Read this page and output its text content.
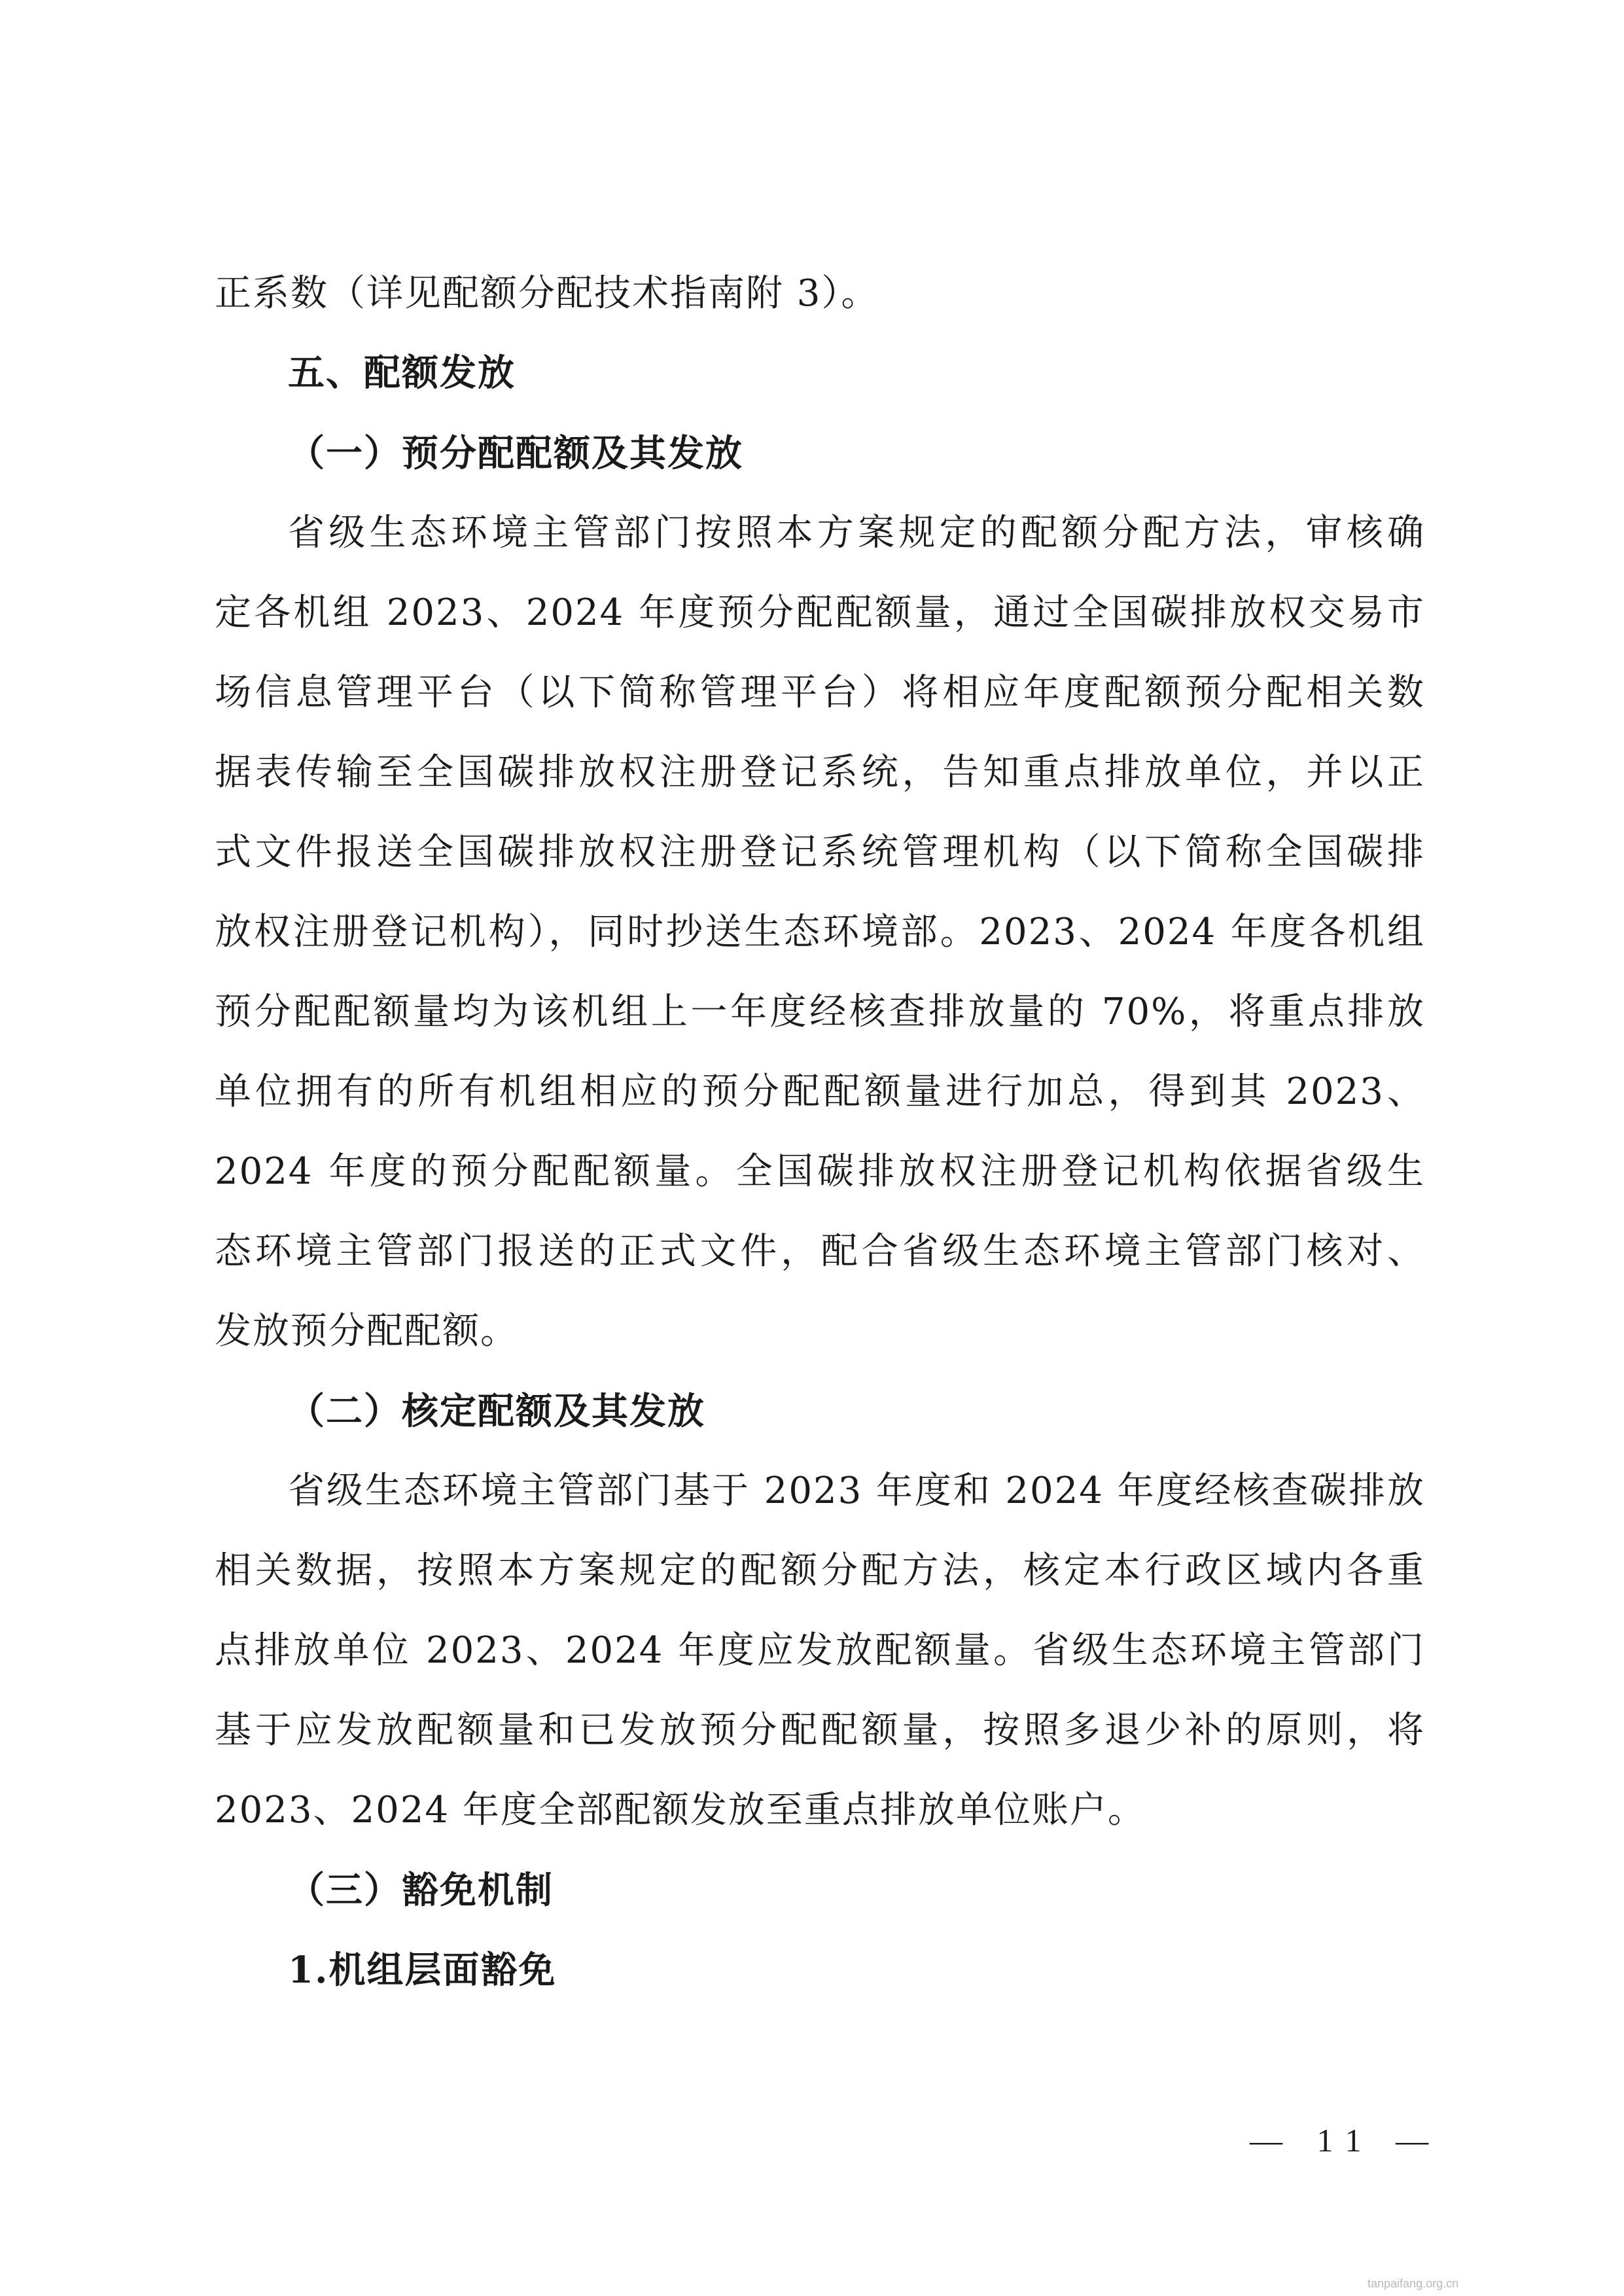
正系数（详见配额分配技术指南附 3）。
五、配额发放
（一）预分配配额及其发放
省级生态环境主管部门按照本方案规定的配额分配方法，审核确
定各机组 2023、2024 年度预分配配额量，通过全国碳排放权交易市
场信息管理平台（以下简称管理平台）将相应年度配额预分配相关数
据表传输至全国碳排放权注册登记系统，告知重点排放单位，并以正
式文件报送全国碳排放权注册登记系统管理机构（以下简称全国碳排
放权注册登记机构），同时抄送生态环境部。2023、2024 年度各机组
预分配配额量均为该机组上一年度经核查排放量的 70%，将重点排放
单位拥有的所有机组相应的预分配配额量进行加总，得到其 2023、
2024 年度的预分配配额量。全国碳排放权注册登记机构依据省级生
态环境主管部门报送的正式文件，配合省级生态环境主管部门核对、
发放预分配配额。
（二）核定配额及其发放
省级生态环境主管部门基于 2023 年度和 2024 年度经核查碳排放
相关数据，按照本方案规定的配额分配方法，核定本行政区域内各重
点排放单位 2023、2024 年度应发放配额量。省级生态环境主管部门
基于应发放配额量和已发放预分配配额量，按照多退少补的原则，将
2023、2024 年度全部配额发放至重点排放单位账户。
（三）豁免机制
1.机组层面豁免
— 11 —
tanpaifang.org.cn
